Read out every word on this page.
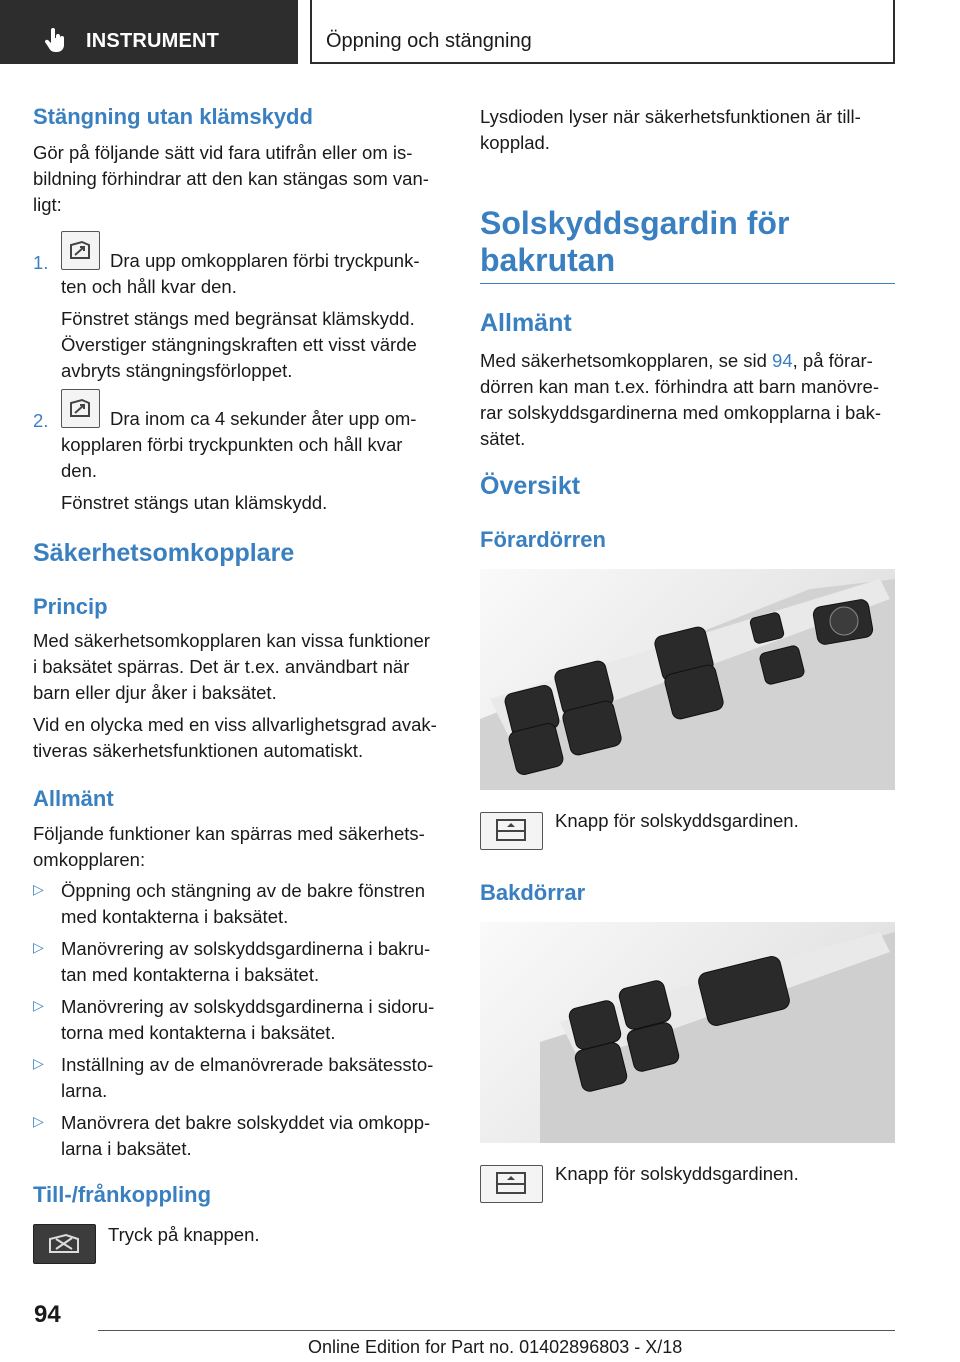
INSTRUMENT	Öppning och stängning
Stängning utan klämskydd
Gör på följande sätt vid fara utifrån eller om is-
bildning förhindrar att den kan stängas som van-
ligt:
1.	Dra upp omkopplaren förbi tryckpunk-
ten och håll kvar den.
Fönstret stängs med begränsat klämskydd.
Överstiger stängningskraften ett visst värde
avbryts stängningsförloppet.
2.	Dra inom ca 4 sekunder åter upp om-
kopplaren förbi tryckpunkten och håll kvar
den.
Fönstret stängs utan klämskydd.
Säkerhetsomkopplare
Princip
Med säkerhetsomkopplaren kan vissa funktioner
i baksätet spärras. Det är t.ex. användbart när
barn eller djur åker i baksätet.
Vid en olycka med en viss allvarlighetsgrad avak-
tiveras säkerhetsfunktionen automatiskt.
Allmänt
Följande funktioner kan spärras med säkerhets-
omkopplaren:
▷ Öppning och stängning av de bakre fönstren
med kontakterna i baksätet.
▷ Manövrering av solskyddsgardinerna i bakru-
tan med kontakterna i baksätet.
▷ Manövrering av solskyddsgardinerna i sidoru-
torna med kontakterna i baksätet.
▷ Inställning av de elmanövrerade baksätessto-
larna.
▷ Manövrera det bakre solskyddet via omkopp-
larna i baksätet.
Till-/frånkoppling
Tryck på knappen.
Lysdioden lyser när säkerhetsfunktionen är till-
kopplad.
Solskyddsgardin för
bakrutan
Allmänt
Med säkerhetsomkopplaren, se sid 94, på förar-
dörren kan man t.ex. förhindra att barn manövre-
rar solskyddsgardinerna med omkopplarna i bak-
sätet.
Översikt
Förardörren
Knapp för solskyddsgardinen.
Bakdörrar
Knapp för solskyddsgardinen.
94
Online Edition for Part no. 01402896803 - X/18
